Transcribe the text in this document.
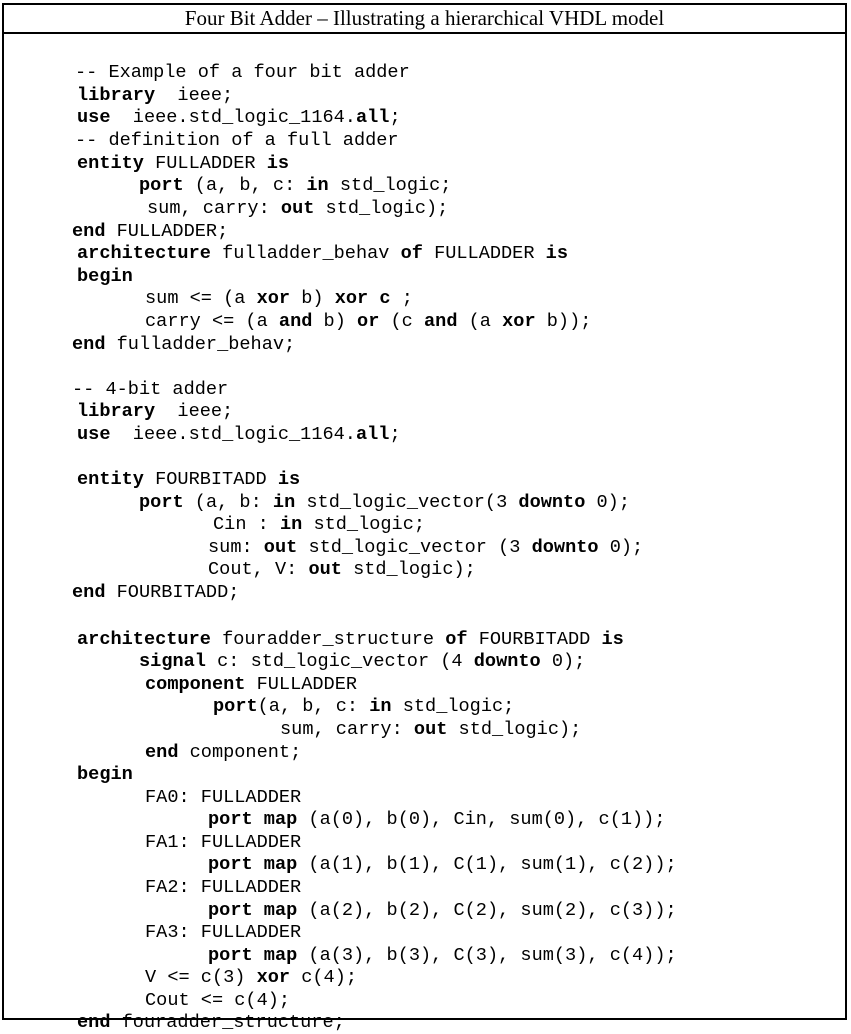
Four Bit Adder – Illustrating a hierarchical VHDL model
-- Example of a four bit adder
library  ieee;
use  ieee.std_logic_1164.all;
-- definition of a full adder
entity FULLADDER is
port (a, b, c: in std_logic;
sum, carry: out std_logic);
end FULLADDER;
architecture fulladder_behav of FULLADDER is
begin
sum <= (a xor b) xor c ;
carry <= (a and b) or (c and (a xor b));
end fulladder_behav;
-- 4-bit adder
library  ieee;
use  ieee.std_logic_1164.all;
entity FOURBITADD is
port (a, b: in std_logic_vector(3 downto 0);
Cin : in std_logic;
sum: out std_logic_vector (3 downto 0);
Cout, V: out std_logic);
end FOURBITADD;
architecture fouradder_structure of FOURBITADD is
signal c: std_logic_vector (4 downto 0);
component FULLADDER
port(a, b, c: in std_logic;
sum, carry: out std_logic);
end component;
begin
FA0: FULLADDER
port map (a(0), b(0), Cin, sum(0), c(1));
FA1: FULLADDER
port map (a(1), b(1), C(1), sum(1), c(2));
FA2: FULLADDER
port map (a(2), b(2), C(2), sum(2), c(3));
FA3: FULLADDER
port map (a(3), b(3), C(3), sum(3), c(4));
V <= c(3) xor c(4);
Cout <= c(4);
end fouradder_structure;
